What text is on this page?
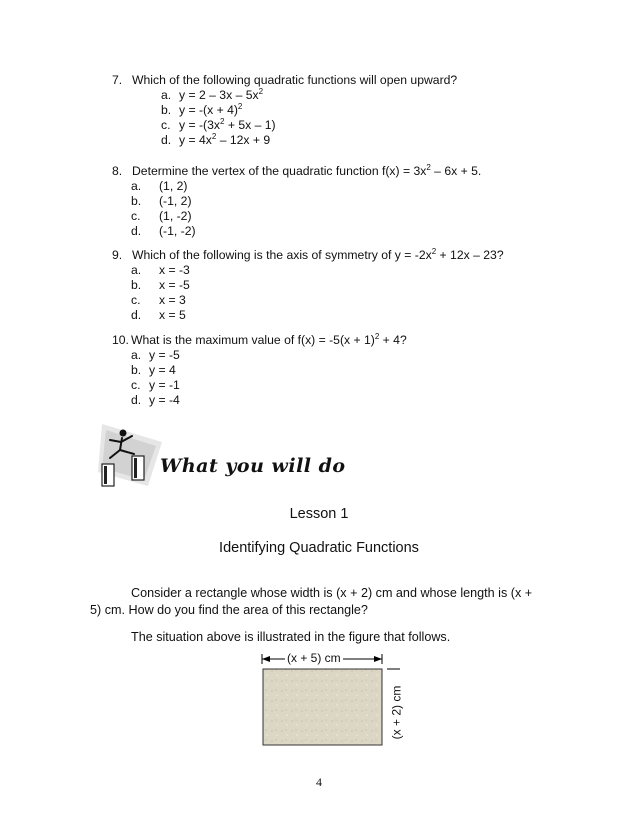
7. Which of the following quadratic functions will open upward?
a. $y = 2 - 3x - 5x^2$
b. $y = -(x + 4)^2$
c. $y = -(3x^2 + 5x - 1)$
d. $y = 4x^2 - 12x + 9$
8. Determine the vertex of the quadratic function $f(x) = 3x^2 - 6x + 5$.
a. (1, 2)
b. (-1, 2)
c. (1, -2)
d. (-1, -2)
9. Which of the following is the axis of symmetry of $y = -2x^2 + 12x - 23$?
a. x = -3
b. x = -5
c. x = 3
d. x = 5
10. What is the maximum value of $f(x) = -5(x + 1)^2 + 4$?
a. y = -5
b. y = 4
c. y = -1
d. y = -4
What you will do
Lesson 1
Identifying Quadratic Functions
Consider a rectangle whose width is (x + 2) cm and whose length is (x +
5) cm. How do you find the area of this rectangle?
The situation above is illustrated in the figure that follows.
(x + 5) cm
(x + 2) cm
4
